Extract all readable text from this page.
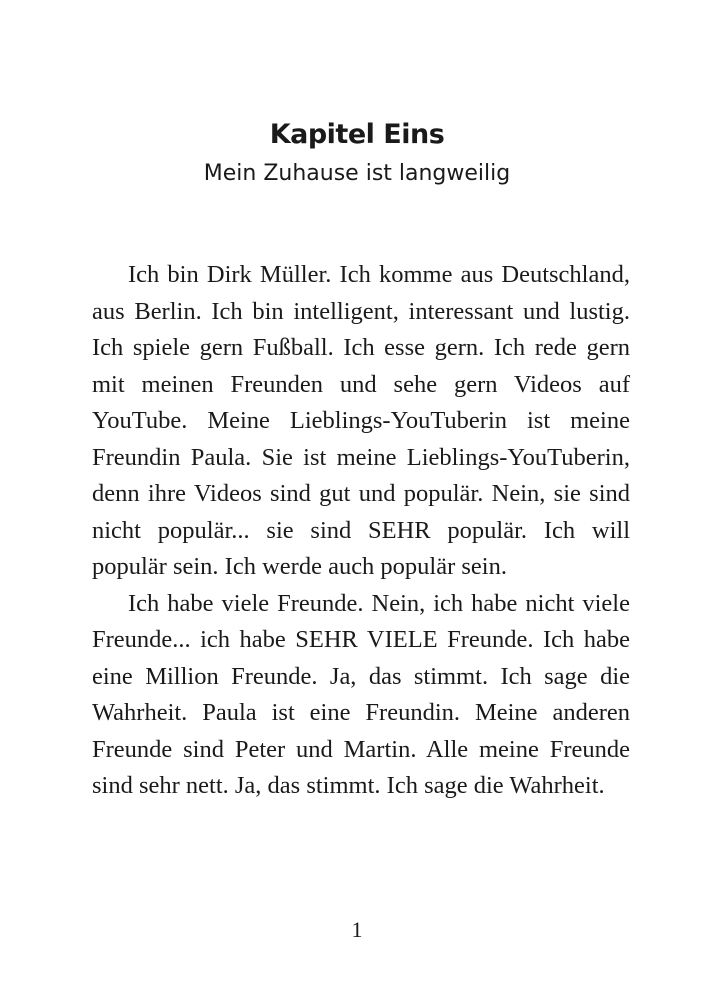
Kapitel Eins
Mein Zuhause ist langweilig

Ich bin Dirk Müller. Ich komme aus Deutschland, aus Berlin. Ich bin intelligent, interessant und lustig. Ich spiele gern Fußball. Ich esse gern. Ich rede gern mit meinen Freunden und sehe gern Videos auf YouTube. Meine Lieblings-YouTuberin ist meine Freundin Paula. Sie ist meine Lieblings-YouTuberin, denn ihre Videos sind gut und populär. Nein, sie sind nicht populär... sie sind SEHR populär. Ich will populär sein. Ich werde auch populär sein.

Ich habe viele Freunde. Nein, ich habe nicht viele Freunde... ich habe SEHR VIELE Freunde. Ich habe eine Million Freunde. Ja, das stimmt. Ich sage die Wahrheit. Paula ist eine Freundin. Meine anderen Freunde sind Peter und Martin. Alle meine Freunde sind sehr nett. Ja, das stimmt. Ich sage die Wahrheit.

1
